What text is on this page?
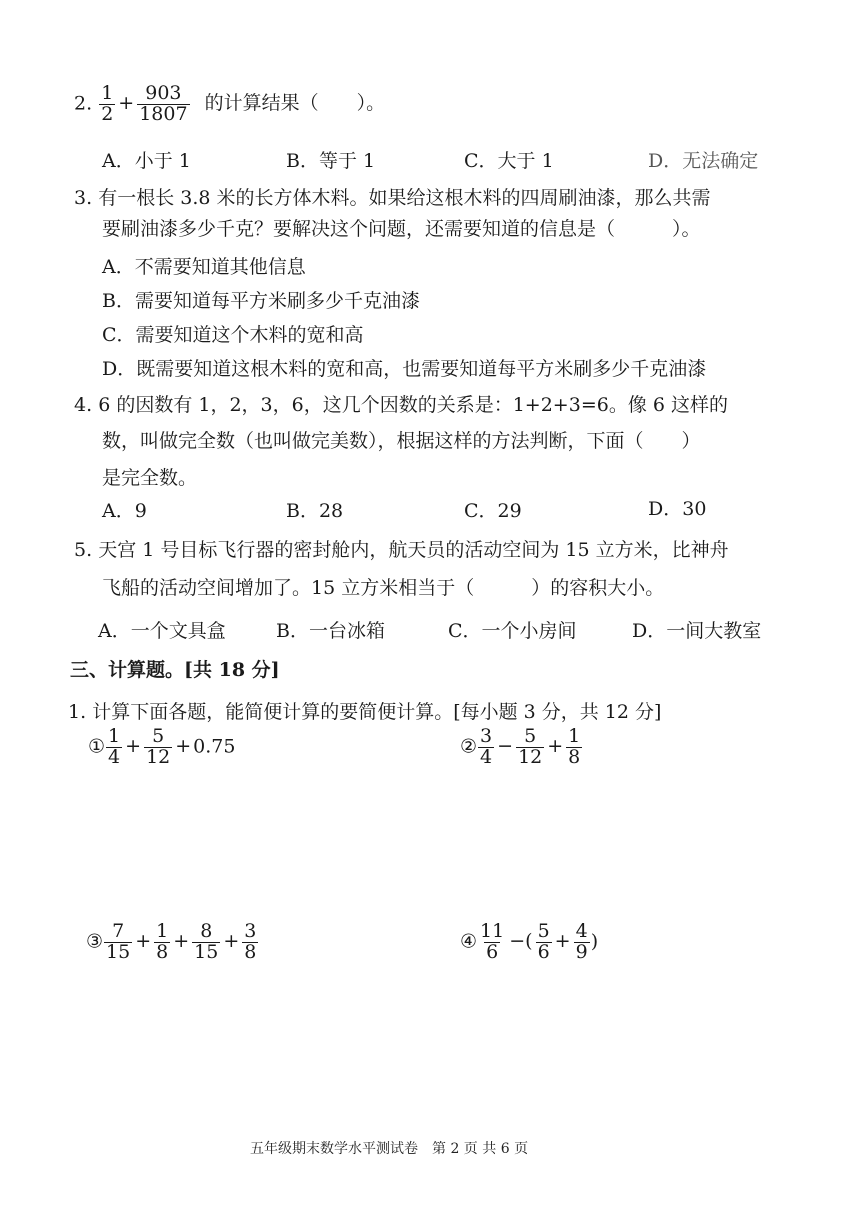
2. $\frac{1}{2} + \frac{903}{1807}$ 的计算结果（　　）。
A．小于 1	B．等于 1	C．大于 1	D．无法确定
3. 有一根长 3.8 米的长方体木料。如果给这根木料的四周刷油漆，那么共需
要刷油漆多少千克？要解决这个问题，还需要知道的信息是（　　　）。
A．不需要知道其他信息
B．需要知道每平方米刷多少千克油漆
C．需要知道这个木料的宽和高
D．既需要知道这根木料的宽和高，也需要知道每平方米刷多少千克油漆
4. 6 的因数有 1，2，3，6，这几个因数的关系是：1+2+3=6。像 6 这样的
数，叫做完全数（也叫做完美数），根据这样的方法判断，下面（　　）
是完全数。
A．9	B．28	C．29	D．30
5. 天宫 1 号目标飞行器的密封舱内，航天员的活动空间为 15 立方米，比神舟
飞船的活动空间增加了。15 立方米相当于（　　　）的容积大小。
A．一个文具盒	B．一台冰箱	C．一个小房间	D．一间大教室
三、计算题。[共 18 分]
1. 计算下面各题，能简便计算的要简便计算。[每小题 3 分，共 12 分]
① $\frac{1}{4} + \frac{5}{12} + 0.75$	② $\frac{3}{4} - \frac{5}{12} + \frac{1}{8}$
③ $\frac{7}{15} + \frac{1}{8} + \frac{8}{15} + \frac{3}{8}$	④ $\frac{11}{6}$ −( $\frac{5}{6} + \frac{4}{9}$ )
五年级期末数学水平测试卷　第 2 页 共 6 页
